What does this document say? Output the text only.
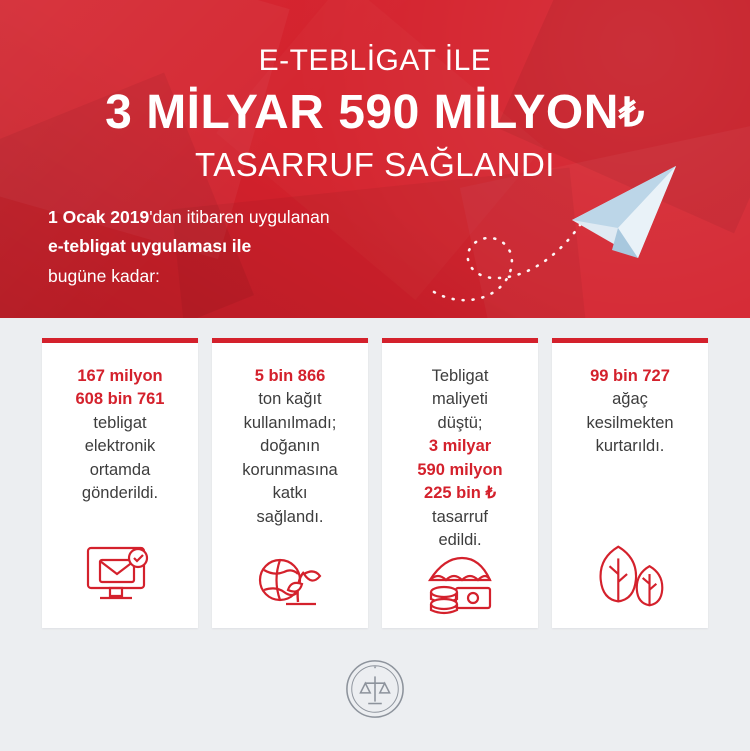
E-TEBLİGAT İLE
3 MİLYAR 590 MİLYON₺
TASARRUF SAĞLANDI
1 Ocak 2019'dan itibaren uygulanan
e-tebligat uygulaması ile
bugüne kadar:
167 milyon
608 bin 761
tebligat
elektronik
ortamda
gönderildi.
5 bin 866
ton kağıt
kullanılmadı;
doğanın
korunmasına
katkı
sağlandı.
Tebligat
maliyeti
düştü;
3 milyar
590 milyon
225 bin ₺
tasarruf
edildi.
99 bin 727
ağaç
kesilmekten
kurtarıldı.
★
